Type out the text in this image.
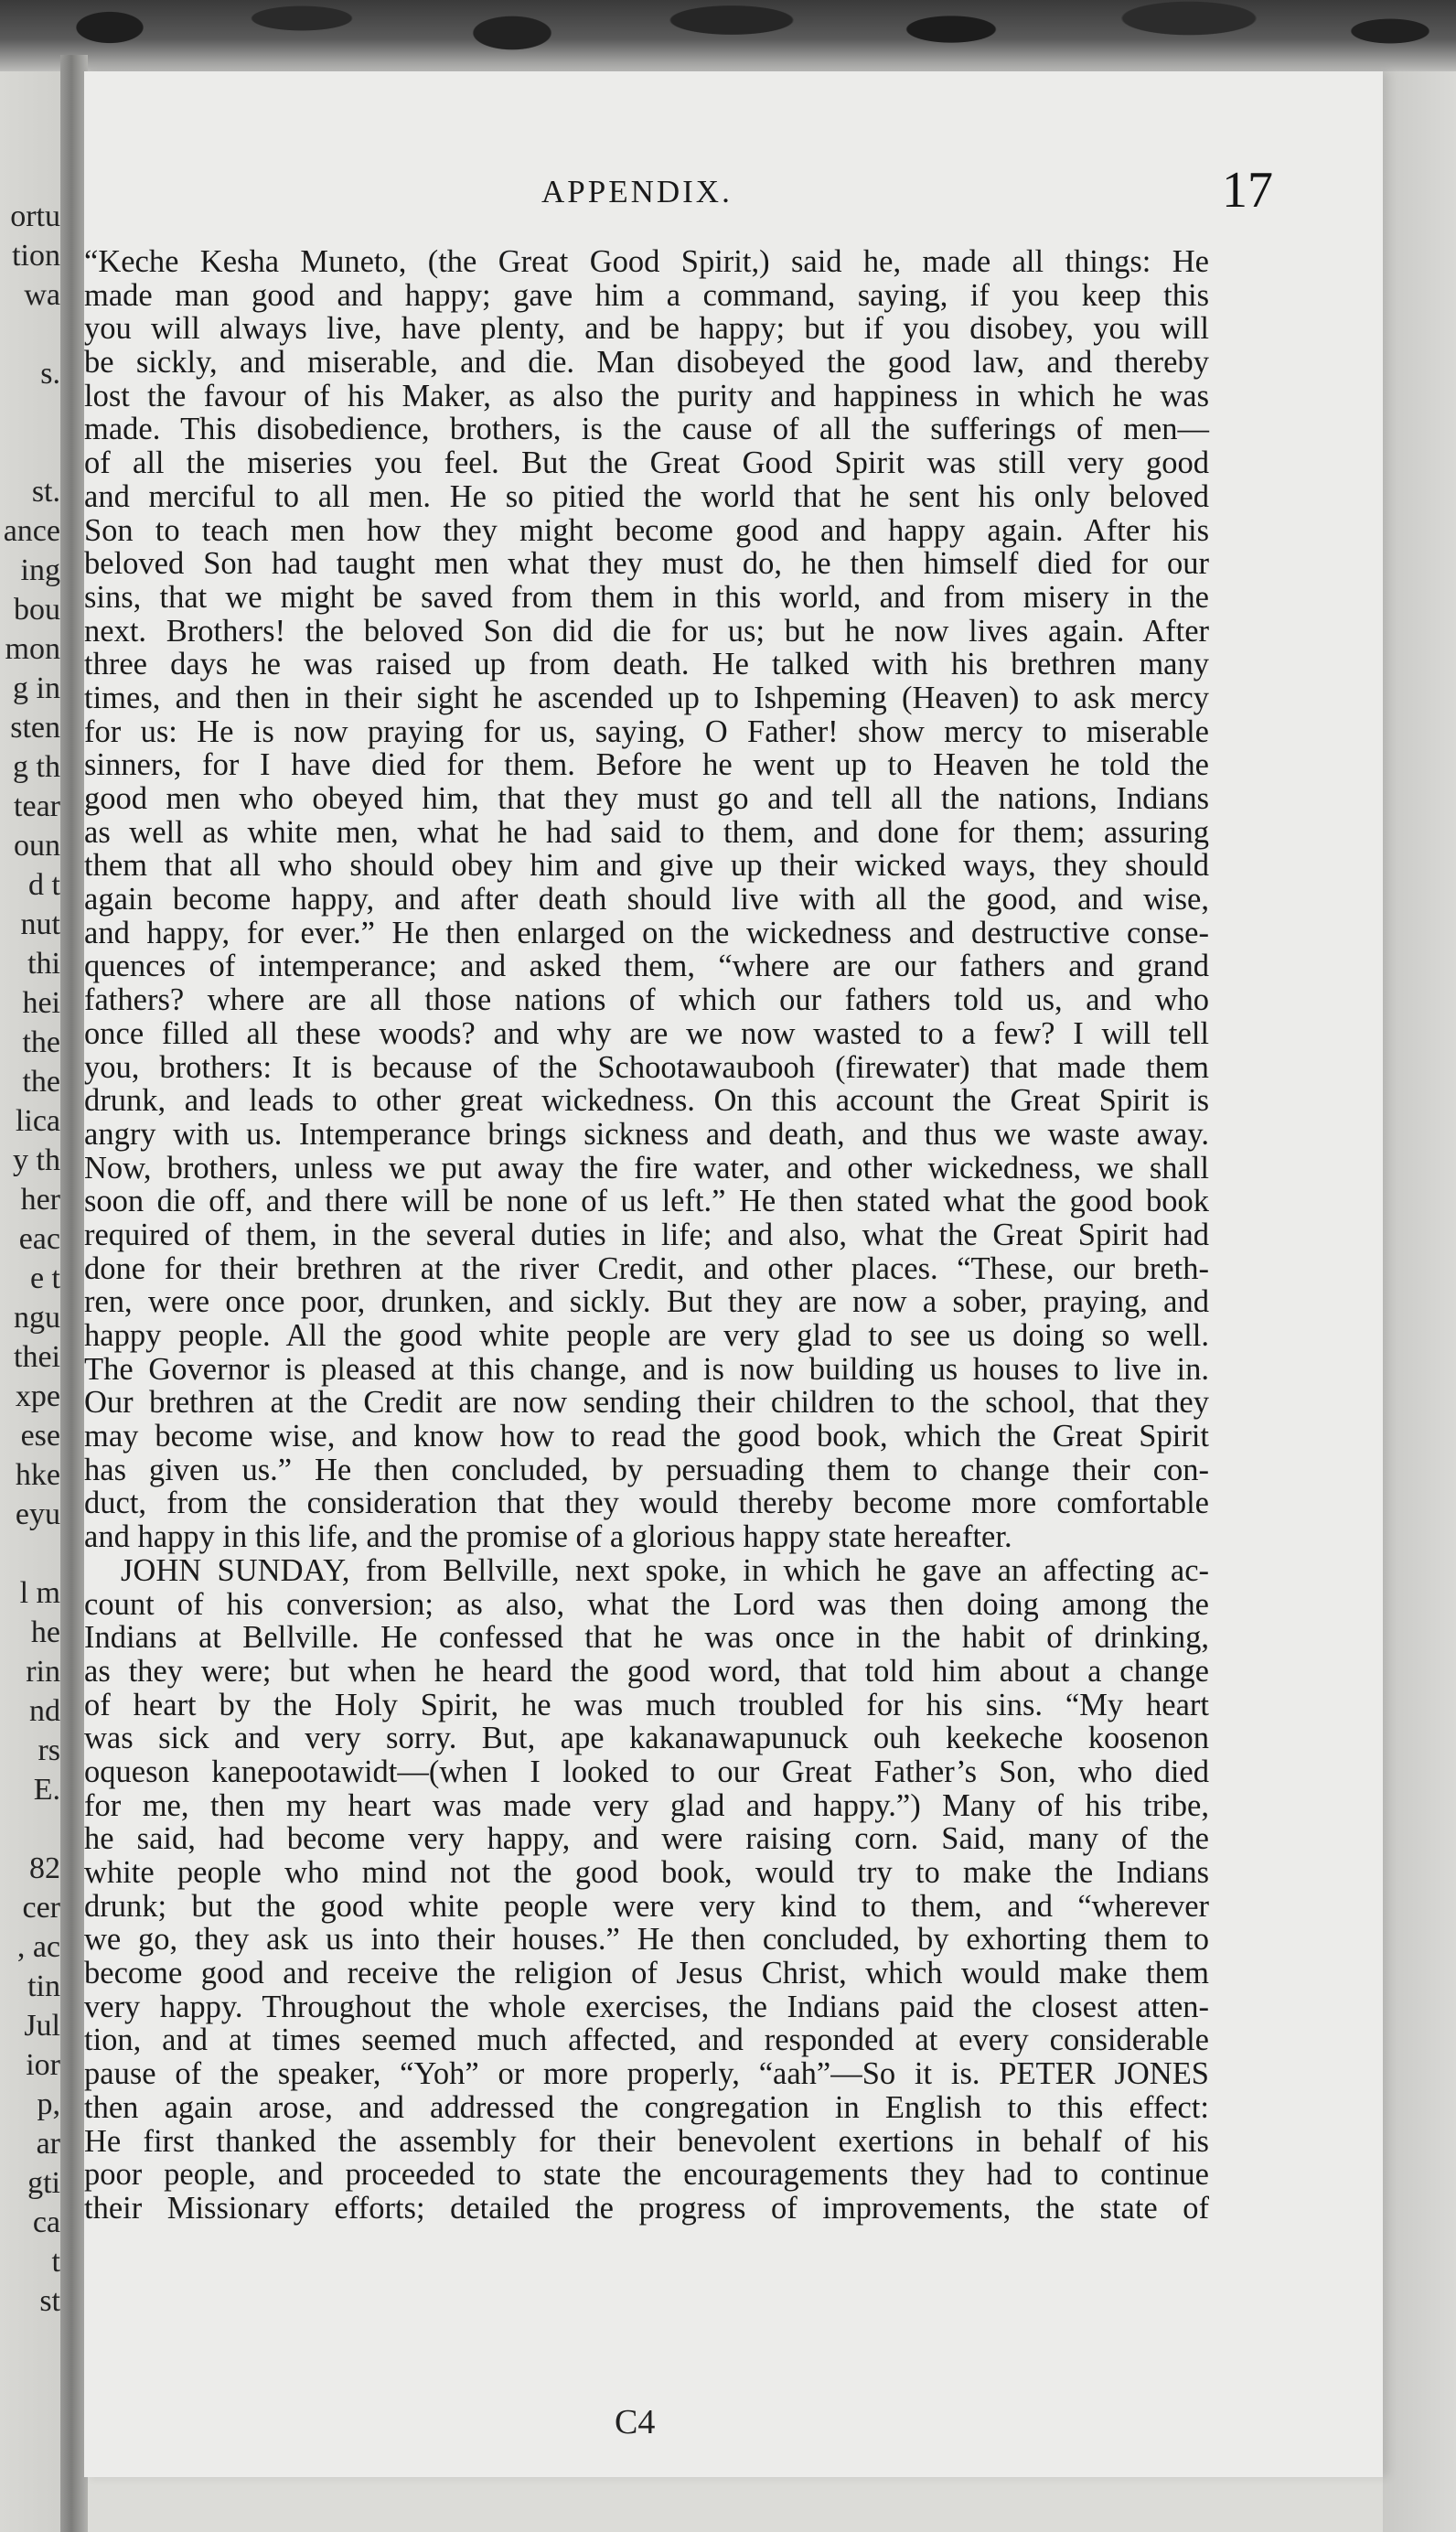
ortu
tion
wa
s.
st.
ance
ing
bou
mon
g in
sten
g th
tear
oun
d t
nut
thi
hei
the
the
lica
y th
her
eac
e t
ngu
thei
xpe
ese
hke
eyu
l m
he
rin
nd
rs
E.
82
cer
, ac
tin
Jul
ior
p,
ar
gti
ca
t
st
APPENDIX.	17
“Keche Kesha Muneto, (the Great Good Spirit,) said he, made all things: He
made man good and happy; gave him a command, saying, if you keep this
you will always live, have plenty, and be happy; but if you disobey, you will
be sickly, and miserable, and die. Man disobeyed the good law, and thereby
lost the favour of his Maker, as also the purity and happiness in which he was
made. This disobedience, brothers, is the cause of all the sufferings of men—
of all the miseries you feel. But the Great Good Spirit was still very good
and merciful to all men. He so pitied the world that he sent his only beloved
Son to teach men how they might become good and happy again. After his
beloved Son had taught men what they must do, he then himself died for our
sins, that we might be saved from them in this world, and from misery in the
next. Brothers! the beloved Son did die for us; but he now lives again. After
three days he was raised up from death. He talked with his brethren many
times, and then in their sight he ascended up to Ishpeming (Heaven) to ask mercy
for us: He is now praying for us, saying, O Father! show mercy to miserable
sinners, for I have died for them. Before he went up to Heaven he told the
good men who obeyed him, that they must go and tell all the nations, Indians
as well as white men, what he had said to them, and done for them; assuring
them that all who should obey him and give up their wicked ways, they should
again become happy, and after death should live with all the good, and wise,
and happy, for ever.” He then enlarged on the wickedness and destructive conse-
quences of intemperance; and asked them, “where are our fathers and grand
fathers? where are all those nations of which our fathers told us, and who
once filled all these woods? and why are we now wasted to a few? I will tell
you, brothers: It is because of the Schootawaubooh (firewater) that made them
drunk, and leads to other great wickedness. On this account the Great Spirit is
angry with us. Intemperance brings sickness and death, and thus we waste away.
Now, brothers, unless we put away the fire water, and other wickedness, we shall
soon die off, and there will be none of us left.” He then stated what the good book
required of them, in the several duties in life; and also, what the Great Spirit had
done for their brethren at the river Credit, and other places. “These, our breth-
ren, were once poor, drunken, and sickly. But they are now a sober, praying, and
happy people. All the good white people are very glad to see us doing so well.
The Governor is pleased at this change, and is now building us houses to live in.
Our brethren at the Credit are now sending their children to the school, that they
may become wise, and know how to read the good book, which the Great Spirit
has given us.” He then concluded, by persuading them to change their con-
duct, from the consideration that they would thereby become more comfortable
and happy in this life, and the promise of a glorious happy state hereafter.
JOHN SUNDAY, from Bellville, next spoke, in which he gave an affecting ac-
count of his conversion; as also, what the Lord was then doing among the
Indians at Bellville. He confessed that he was once in the habit of drinking,
as they were; but when he heard the good word, that told him about a change
of heart by the Holy Spirit, he was much troubled for his sins. “My heart
was sick and very sorry. But, ape kakanawapunuck ouh keekeche koosenon
oqueson kanepootawidt—(when I looked to our Great Father’s Son, who died
for me, then my heart was made very glad and happy.”) Many of his tribe,
he said, had become very happy, and were raising corn. Said, many of the
white people who mind not the good book, would try to make the Indians
drunk; but the good white people were very kind to them, and “wherever
we go, they ask us into their houses.” He then concluded, by exhorting them to
become good and receive the religion of Jesus Christ, which would make them
very happy. Throughout the whole exercises, the Indians paid the closest atten-
tion, and at times seemed much affected, and responded at every considerable
pause of the speaker, “Yoh” or more properly, “aah”—So it is. PETER JONES
then again arose, and addressed the congregation in English to this effect:
He first thanked the assembly for their benevolent exertions in behalf of his
poor people, and proceeded to state the encouragements they had to continue
their Missionary efforts; detailed the progress of improvements, the state of
C4
